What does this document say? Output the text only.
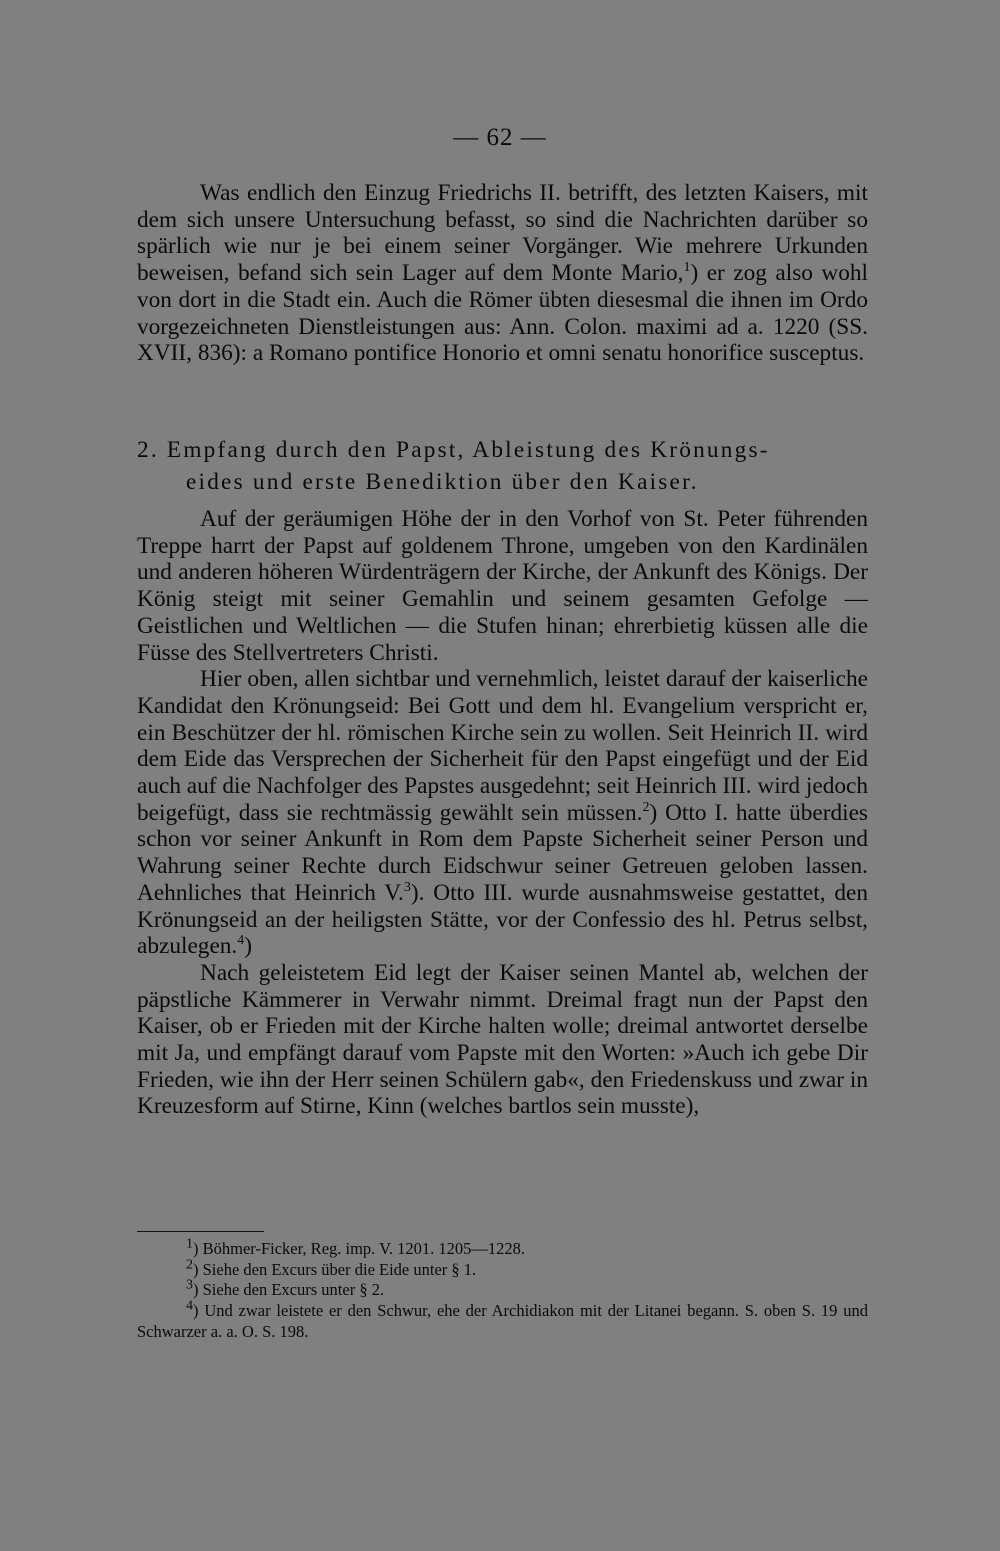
— 62 —

Was endlich den Einzug Friedrichs II. betrifft, des letzten Kaisers, mit dem sich unsere Untersuchung befasst, so sind die Nachrichten darüber so spärlich wie nur je bei einem seiner Vorgänger. Wie mehrere Urkunden beweisen, befand sich sein Lager auf dem Monte Mario,$^1$) er zog also wohl von dort in die Stadt ein. Auch die Römer übten diesesmal die ihnen im Ordo vorgezeichneten Dienstleistungen aus: Ann. Colon. maximi ad a. 1220 (SS. XVII, 836): a Romano pontifice Honorio et omni senatu honorifice susceptus.

2. Empfang durch den Papst, Ableistung des Krönungs-
eides und erste Benediktion über den Kaiser.

Auf der geräumigen Höhe der in den Vorhof von St. Peter führenden Treppe harrt der Papst auf goldenem Throne, umgeben von den Kardinälen und anderen höheren Würdenträgern der Kirche, der Ankunft des Königs. Der König steigt mit seiner Gemahlin und seinem gesamten Gefolge — Geistlichen und Weltlichen — die Stufen hinan; ehrerbietig küssen alle die Füsse des Stellvertreters Christi.

Hier oben, allen sichtbar und vernehmlich, leistet darauf der kaiserliche Kandidat den Krönungseid: Bei Gott und dem hl. Evangelium verspricht er, ein Beschützer der hl. römischen Kirche sein zu wollen. Seit Heinrich II. wird dem Eide das Versprechen der Sicherheit für den Papst eingefügt und der Eid auch auf die Nachfolger des Papstes ausgedehnt; seit Heinrich III. wird jedoch beigefügt, dass sie rechtmässig gewählt sein müssen.$^2$) Otto I. hatte überdies schon vor seiner Ankunft in Rom dem Papste Sicherheit seiner Person und Wahrung seiner Rechte durch Eidschwur seiner Getreuen geloben lassen. Aehnliches that Heinrich V.$^3$). Otto III. wurde ausnahmsweise gestattet, den Krönungseid an der heiligsten Stätte, vor der Confessio des hl. Petrus selbst, abzulegen.$^4$)

Nach geleistetem Eid legt der Kaiser seinen Mantel ab, welchen der päpstliche Kämmerer in Verwahr nimmt. Dreimal fragt nun der Papst den Kaiser, ob er Frieden mit der Kirche halten wolle; dreimal antwortet derselbe mit Ja, und empfängt darauf vom Papste mit den Worten: »Auch ich gebe Dir Frieden, wie ihn der Herr seinen Schülern gab«, den Friedenskuss und zwar in Kreuzesform auf Stirne, Kinn (welches bartlos sein musste),

$^1$) Böhmer-Ficker, Reg. imp. V. 1201. 1205—1228.

$^2$) Siehe den Excurs über die Eide unter § 1.

$^3$) Siehe den Excurs unter § 2.

$^4$) Und zwar leistete er den Schwur, ehe der Archidiakon mit der Litanei begann. S. oben S. 19 und Schwarzer a. a. O. S. 198.
